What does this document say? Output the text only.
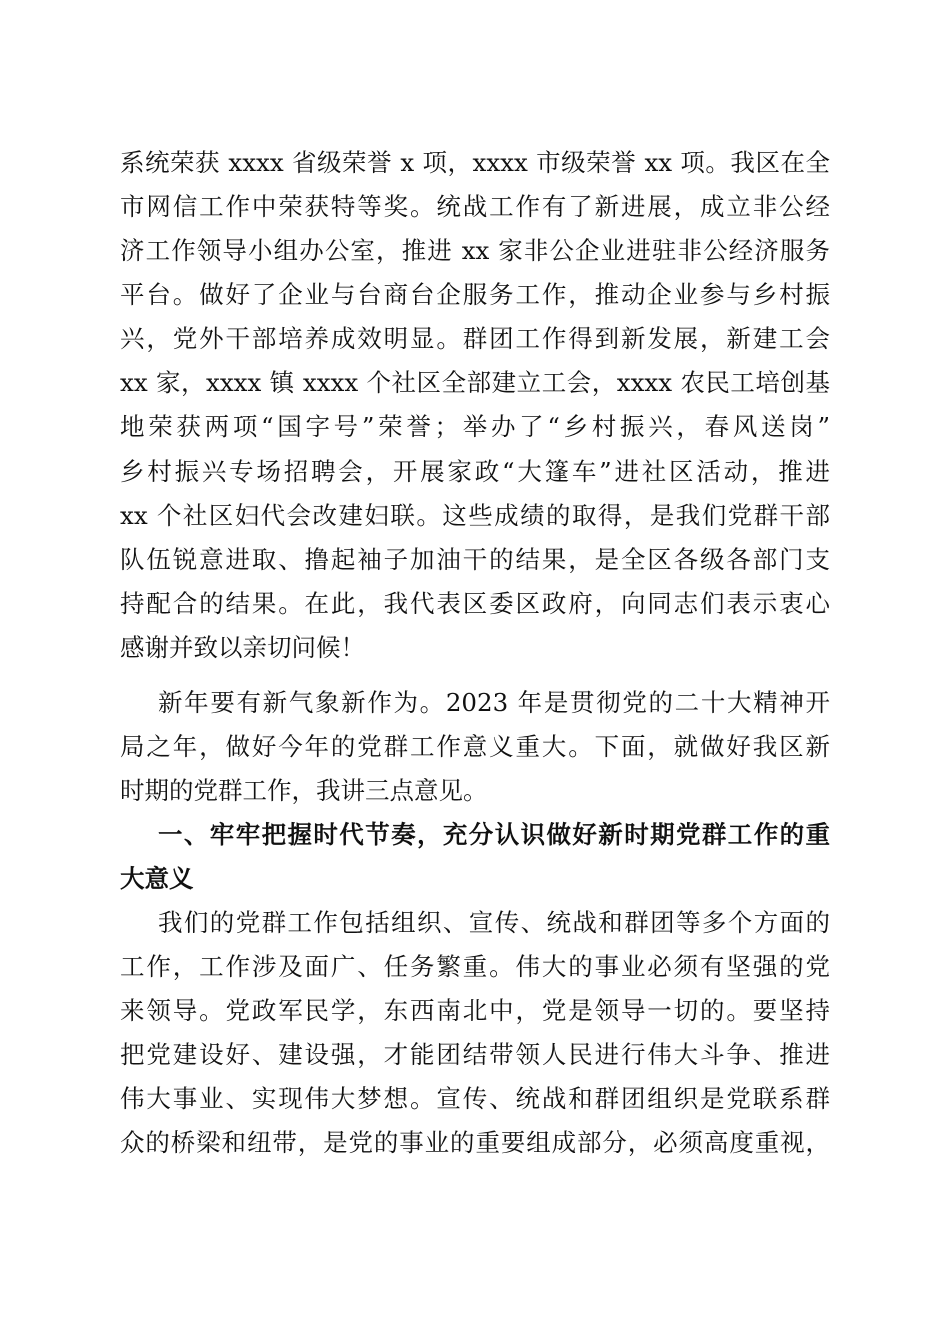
系统荣获 xxxx 省级荣誉 x 项，xxxx 市级荣誉 xx 项。我区在全
市网信工作中荣获特等奖。统战工作有了新进展，成立非公经
济工作领导小组办公室，推进 xx 家非公企业进驻非公经济服务
平台。做好了企业与台商台企服务工作，推动企业参与乡村振
兴，党外干部培养成效明显。群团工作得到新发展，新建工会
xx 家，xxxx 镇 xxxx 个社区全部建立工会，xxxx 农民工培创基
地荣获两项“国字号”荣誉；举办了“乡村振兴，春风送岗”
乡村振兴专场招聘会，开展家政“大篷车”进社区活动，推进
xx 个社区妇代会改建妇联。这些成绩的取得，是我们党群干部
队伍锐意进取、撸起袖子加油干的结果，是全区各级各部门支
持配合的结果。在此，我代表区委区政府，向同志们表示衷心
感谢并致以亲切问候！
新年要有新气象新作为。2023 年是贯彻党的二十大精神开
局之年，做好今年的党群工作意义重大。下面，就做好我区新
时期的党群工作，我讲三点意见。
一、牢牢把握时代节奏，充分认识做好新时期党群工作的重
大意义
我们的党群工作包括组织、宣传、统战和群团等多个方面的
工作，工作涉及面广、任务繁重。伟大的事业必须有坚强的党
来领导。党政军民学，东西南北中，党是领导一切的。要坚持
把党建设好、建设强，才能团结带领人民进行伟大斗争、推进
伟大事业、实现伟大梦想。宣传、统战和群团组织是党联系群
众的桥梁和纽带，是党的事业的重要组成部分，必须高度重视，
